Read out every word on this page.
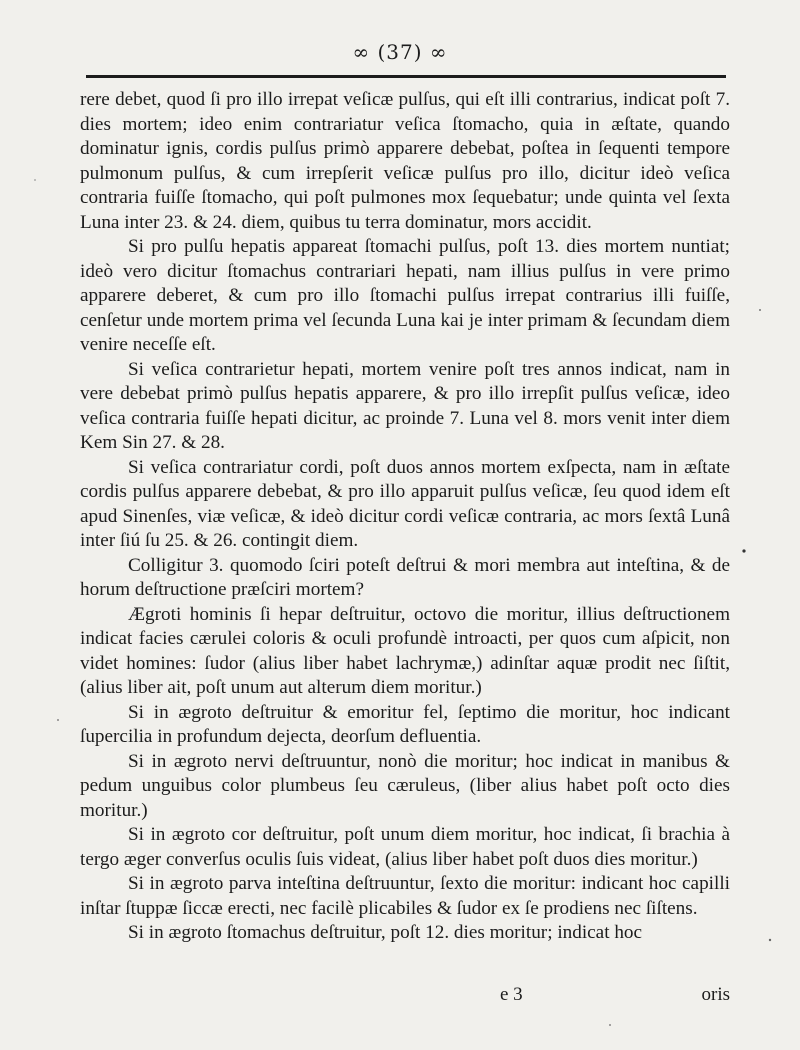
∞ (37) ∞

rere debet, quod ſi pro illo irrepat veſicæ pulſus, qui eſt illi contrarius, indicat poſt 7. dies mortem; ideo enim contrariatur veſica ſtomacho, quia in æſtate, quando dominatur ignis, cordis pulſus primò apparere debebat, poſtea in ſequenti tempore pulmonum pulſus, & cum irrepſerit veſicæ pulſus pro illo, dicitur ideò veſica contraria fuiſſe ſtomacho, qui poſt pulmones mox ſequebatur; unde quinta vel ſexta Luna inter 23. & 24. diem, quibus tu terra dominatur, mors accidit.

Si pro pulſu hepatis appareat ſtomachi pulſus, poſt 13. dies mortem nuntiat; ideò vero dicitur ſtomachus contrariari hepati, nam illius pulſus in vere primo apparere deberet, & cum pro illo ſtomachi pulſus irrepat contrarius illi fuiſſe, cenſetur unde mortem prima vel ſecunda Luna kai je inter primam & ſecundam diem venire neceſſe eſt.

Si veſica contrarietur hepati, mortem venire poſt tres annos indicat, nam in vere debebat primò pulſus hepatis apparere, & pro illo irrepſit pulſus veſicæ, ideo veſica contraria fuiſſe hepati dicitur, ac proinde 7. Luna vel 8. mors venit inter diem Kem Sin 27. & 28.

Si veſica contrariatur cordi, poſt duos annos mortem exſpecta, nam in æſtate cordis pulſus apparere debebat, & pro illo apparuit pulſus veſicæ, ſeu quod idem eſt apud Sinenſes, viæ veſicæ, & ideò dicitur cordi veſicæ contraria, ac mors ſextâ Lunâ inter ſiú ſu 25. & 26. contingit diem.

Colligitur 3. quomodo ſciri poteſt deſtrui & mori membra aut inteſtina, & de horum deſtructione præſciri mortem?

Ægroti hominis ſi hepar deſtruitur, octovo die moritur, illius deſtructionem indicat facies cærulei coloris & oculi profundè introacti, per quos cum aſpicit, non videt homines: ſudor (alius liber habet lachrymæ,) adinſtar aquæ prodit nec ſiſtit, (alius liber ait, poſt unum aut alterum diem moritur.)

Si in ægroto deſtruitur & emoritur fel, ſeptimo die moritur, hoc indicant ſupercilia in profundum dejecta, deorſum defluentia.

Si in ægroto nervi deſtruuntur, nonò die moritur; hoc indicat in manibus & pedum unguibus color plumbeus ſeu cæruleus, (liber alius habet poſt octo dies moritur.)

Si in ægroto cor deſtruitur, poſt unum diem moritur, hoc indicat, ſi brachia à tergo æger converſus oculis ſuis videat, (alius liber habet poſt duos dies moritur.)

Si in ægroto parva inteſtina deſtruuntur, ſexto die moritur: indicant hoc capilli inſtar ſtuppæ ſiccæ erecti, nec facilè plicabiles & ſudor ex ſe prodiens nec ſiſtens.

Si in ægroto ſtomachus deſtruitur, poſt 12. dies moritur; indicat hoc

e 3	oris
